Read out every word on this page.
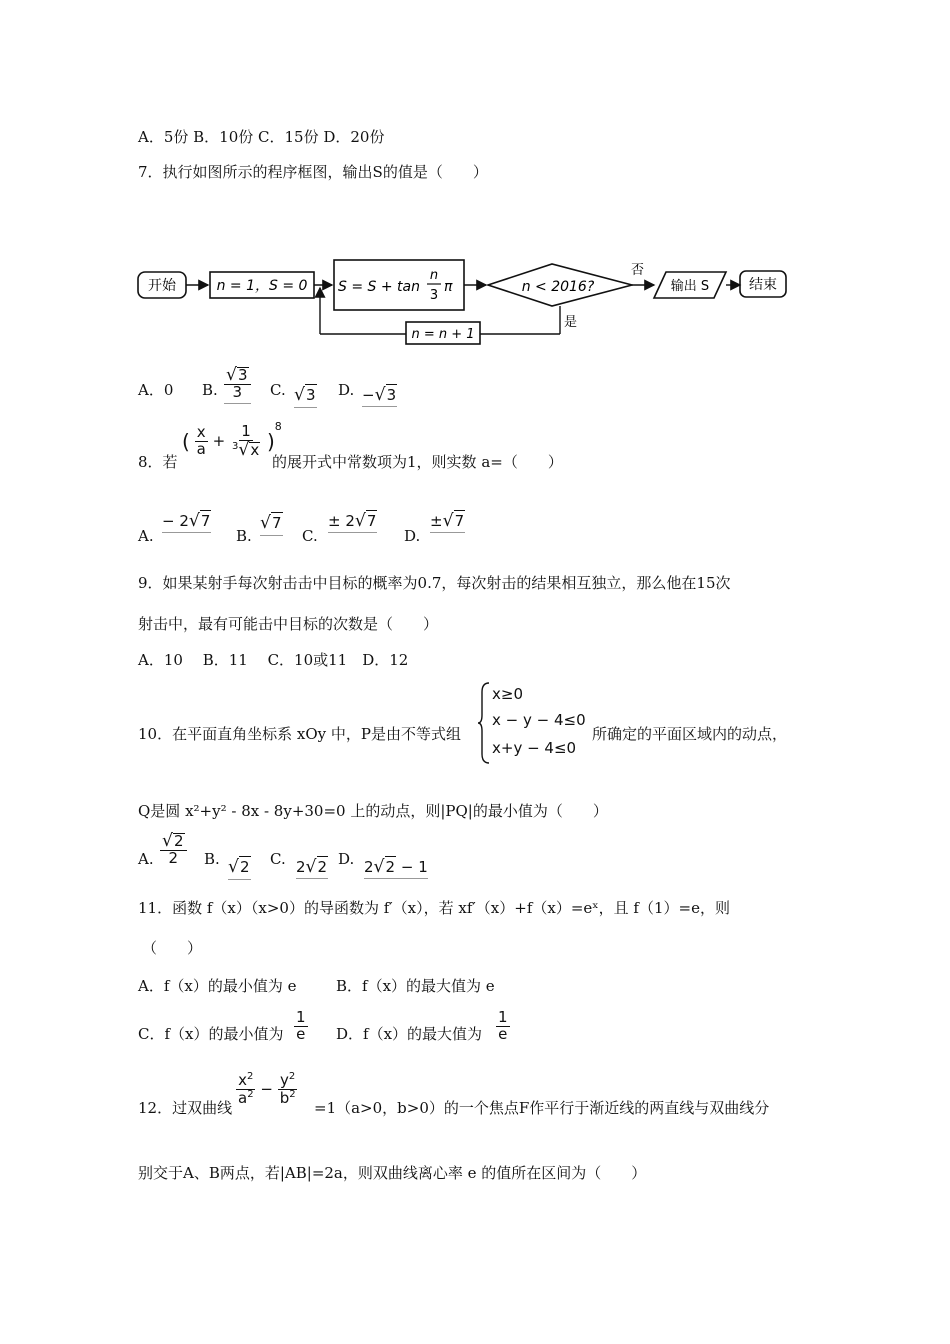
A．5份 B．10份 C．15份 D．20份
7．执行如图所示的程序框图，输出S的值是（　　）
开始	n = 1，S = 0 S = S + tan
n
3
π	n < 2016?
否
输出 S	结束
是
n = n + 1
A．0 B. $\frac{√ 3}{3} C$. √ 3 D. − √ 3
8．若
( $\frac{x}{a} + \frac{1}{^3 √ x} )^8$
的展开式中常数项为1，则实数 a=（　　）
A.
− 2 √ 7
B.
√ 7
C.
± 2 √ 7
D.
± √ 7
9．如果某射手每次射击击中目标的概率为0.7，每次射击的结果相互独立，那么他在15次
射击中，最有可能击中目标的次数是（　　）
A．10　 B．11　 C．10或11　D．12
10．在平面直角坐标系 xOy 中，P是由不等式组
x≥0
x − y − 4≤0
x+y − 4≤0
所确定的平面区域内的动点，
Q是圆 x²+y² - 8x - 8y+30=0 上的动点，则|PQ|的最小值为（　　）
A. $\frac{√ 2}{2} B$. √ 2 C. 2 √ 2 D. 2 √ 2 − 1
11．函数 f（x）（x>0）的导函数为 f′（x），若 xf′（x）+f（x）=eˣ，且 f（1）=e，则
（　　）
A．f（x）的最小值为 e	B．f（x）的最大值为 e
C．f（x）的最小值为 $\frac{1}{e}$ D．f（x）的最大值为 $\frac{1}{e}$
12．过双曲线
$\frac{x^2}{a^2} - \frac{y^2}{b^2}$
=1（a>0，b>0）的一个焦点F作平行于渐近线的两直线与双曲线分
别交于A、B两点，若|AB|=2a，则双曲线离心率 e 的值所在区间为（　　）
